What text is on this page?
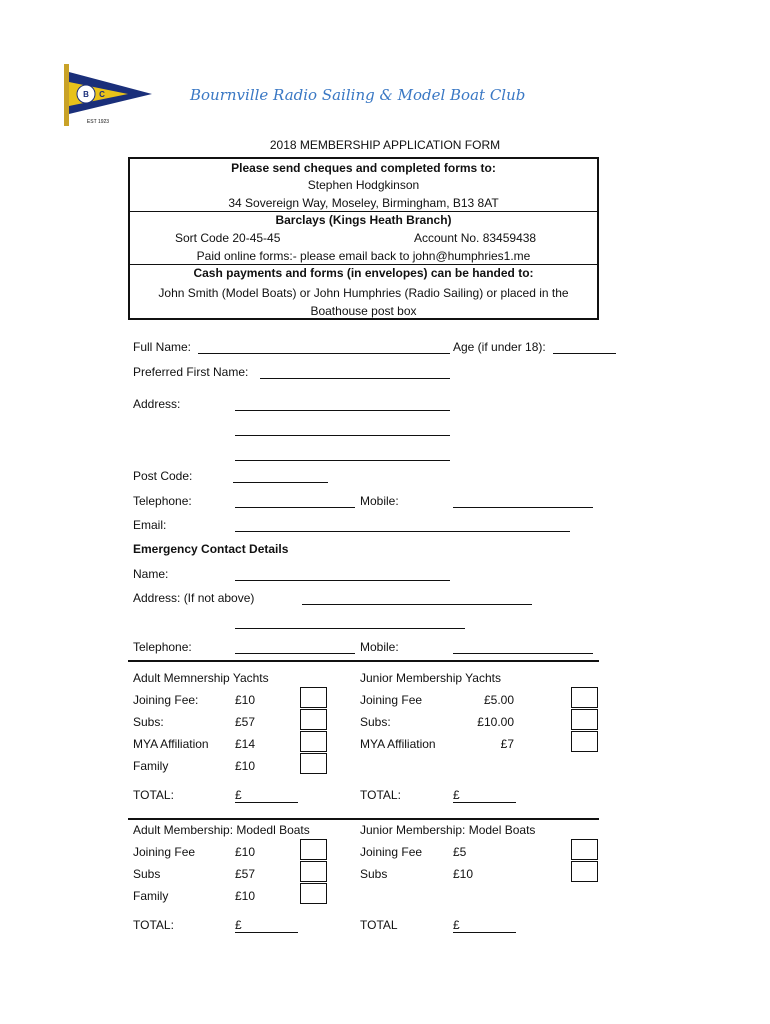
B C
EST 1923
Bournville Radio Sailing & Model Boat Club
2018 MEMBERSHIP APPLICATION FORM
Please send cheques and completed forms to:
Stephen Hodgkinson
34 Sovereign Way, Moseley, Birmingham, B13 8AT
Barclays (Kings Heath Branch)
Sort Code 20-45-45	Account No. 83459438
Paid online forms:- please email back to john@humphries1.me
Cash payments and forms (in envelopes) can be handed to:
John Smith (Model Boats) or John Humphries (Radio Sailing) or placed in the
Boathouse post box
Full Name:	Age (if under 18):
Preferred First Name:
Address:
Post Code:
Telephone:	Mobile:
Email:
Emergency Contact Details
Name:
Address: (If not above)
Telephone:	Mobile:
Adult Memnership Yachts
Joining Fee:	£10
Subs:	£57
MYA Affiliation £14
Family	£10
TOTAL:	£
Junior Membership Yachts
Joining Fee	£5.00
Subs:	£10.00
MYA Affiliation	£7
TOTAL:	£
Adult Membership: Modedl Boats
Joining Fee	£10
Subs	£57
Family	£10
TOTAL:	£
Junior Membership: Model Boats
Joining Fee	£5
Subs	£10
TOTAL	£
